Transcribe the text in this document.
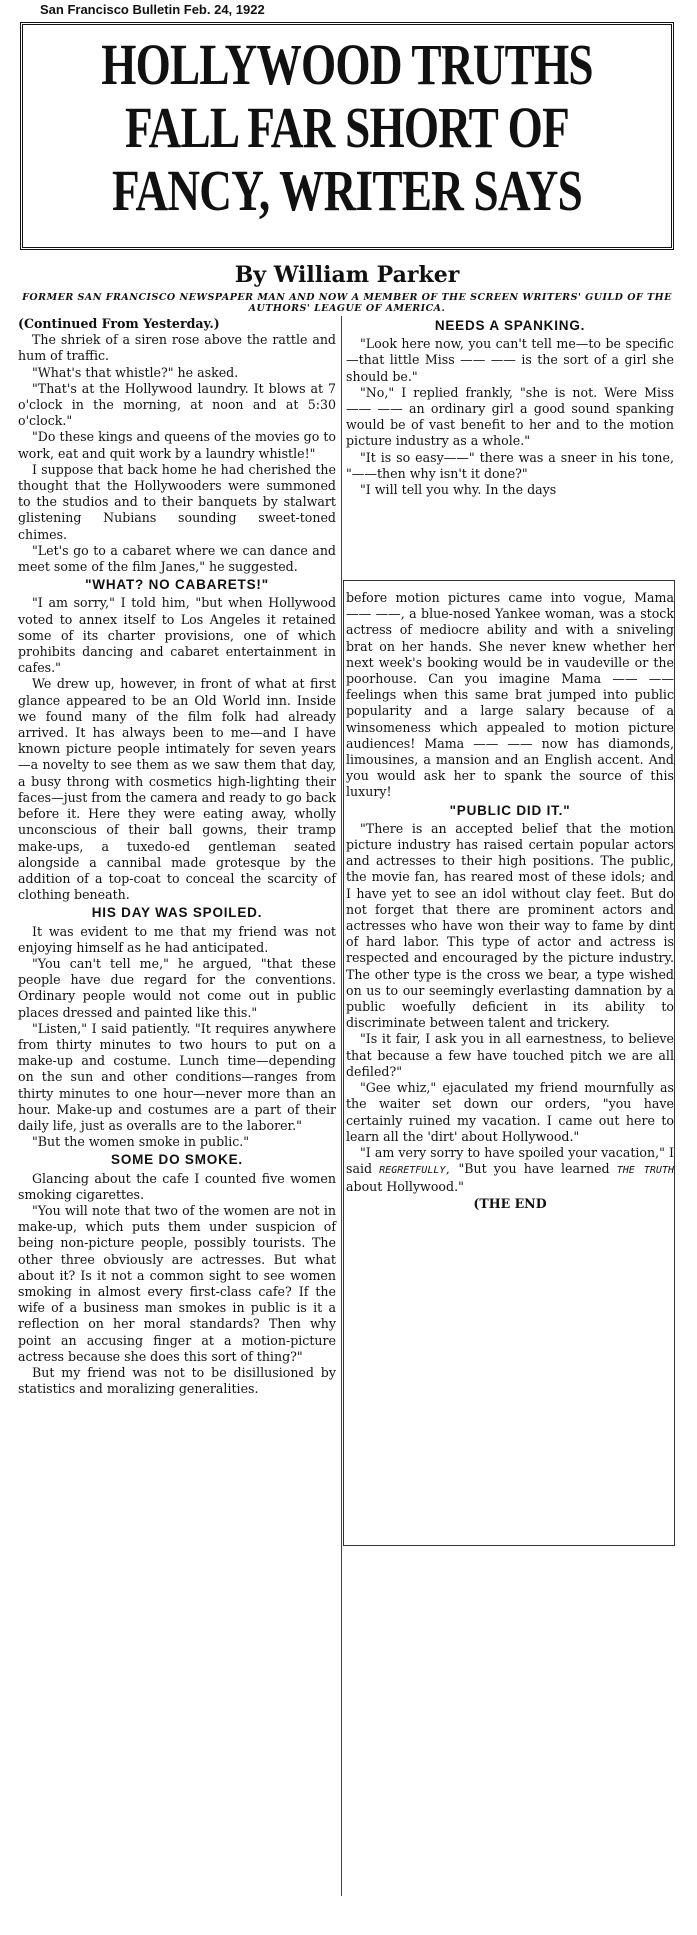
San Francisco Bulletin Feb. 24, 1922
HOLLYWOOD TRUTHS
FALL FAR SHORT OF
FANCY, WRITER SAYS
By William Parker
FORMER SAN FRANCISCO NEWSPAPER MAN AND NOW A MEMBER OF THE SCREEN WRITERS' GUILD OF THE AUTHORS' LEAGUE OF AMERICA.

(Continued From Yesterday.)

The shriek of a siren rose above the rattle and hum of traffic.

"What's that whistle?" he asked.

"That's at the Hollywood laundry. It blows at 7 o'clock in the morning, at noon and at 5:30 o'clock."

"Do these kings and queens of the movies go to work, eat and quit work by a laundry whistle!"

I suppose that back home he had cherished the thought that the Hollywooders were summoned to the studios and to their banquets by stalwart glistening Nubians sounding sweet-toned chimes.

"Let's go to a cabaret where we can dance and meet some of the film Janes," he suggested.

"WHAT? NO CABARETS!"

"I am sorry," I told him, "but when Hollywood voted to annex itself to Los Angeles it retained some of its charter provisions, one of which prohibits dancing and cabaret entertainment in cafes."

We drew up, however, in front of what at first glance appeared to be an Old World inn. Inside we found many of the film folk had already arrived. It has always been to me—and I have known picture people intimately for seven years—a novelty to see them as we saw them that day, a busy throng with cosmetics high-lighting their faces—just from the camera and ready to go back before it. Here they were eating away, wholly unconscious of their ball gowns, their tramp make-ups, a tuxedo-ed gentleman seated alongside a cannibal made grotesque by the addition of a top-coat to conceal the scarcity of clothing beneath.

HIS DAY WAS SPOILED.

It was evident to me that my friend was not enjoying himself as he had anticipated.

"You can't tell me," he argued, "that these people have due regard for the conventions. Ordinary people would not come out in public places dressed and painted like this."

"Listen," I said patiently. "It requires anywhere from thirty minutes to two hours to put on a make-up and costume. Lunch time—depending on the sun and other conditions—ranges from thirty minutes to one hour—never more than an hour. Make-up and costumes are a part of their daily life, just as overalls are to the laborer."

"But the women smoke in public."

SOME DO SMOKE.

Glancing about the cafe I counted five women smoking cigarettes.

"You will note that two of the women are not in make-up, which puts them under suspicion of being non-picture people, possibly tourists. The other three obviously are actresses. But what about it? Is it not a common sight to see women smoking in almost every first-class cafe? If the wife of a business man smokes in public is it a reflection on her moral standards? Then why point an accusing finger at a motion-picture actress because she does this sort of thing?"

But my friend was not to be disillusioned by statistics and moralizing generalities.

NEEDS A SPANKING.

"Look here now, you can't tell me—to be specific—that little Miss —— —— is the sort of a girl she should be."

"No," I replied frankly, "she is not. Were Miss —— —— an ordinary girl a good sound spanking would be of vast benefit to her and to the motion picture industry as a whole."

"It is so easy——" there was a sneer in his tone, "——then why isn't it done?"

"I will tell you why. In the days

before motion pictures came into vogue, Mama —— ——, a blue-nosed Yankee woman, was a stock actress of mediocre ability and with a sniveling brat on her hands. She never knew whether her next week's booking would be in vaudeville or the poorhouse. Can you imagine Mama —— —— feelings when this same brat jumped into public popularity and a large salary because of a winsomeness which appealed to motion picture audiences! Mama —— —— now has diamonds, limousines, a mansion and an English accent. And you would ask her to spank the source of this luxury!

"PUBLIC DID IT."

"There is an accepted belief that the motion picture industry has raised certain popular actors and actresses to their high positions. The public, the movie fan, has reared most of these idols; and I have yet to see an idol without clay feet. But do not forget that there are prominent actors and actresses who have won their way to fame by dint of hard labor. This type of actor and actress is respected and encouraged by the picture industry. The other type is the cross we bear, a type wished on us to our seemingly everlasting damnation by a public woefully deficient in its ability to discriminate between talent and trickery.

"Is it fair, I ask you in all earnestness, to believe that because a few have touched pitch we are all defiled?"

"Gee whiz," ejaculated my friend mournfully as the waiter set down our orders, "you have certainly ruined my vacation. I came out here to learn all the 'dirt' about Hollywood."

"I am very sorry to have spoiled your vacation," I said REGRETFULLY, "But you have learned THE TRUTH about Hollywood."

(THE END
